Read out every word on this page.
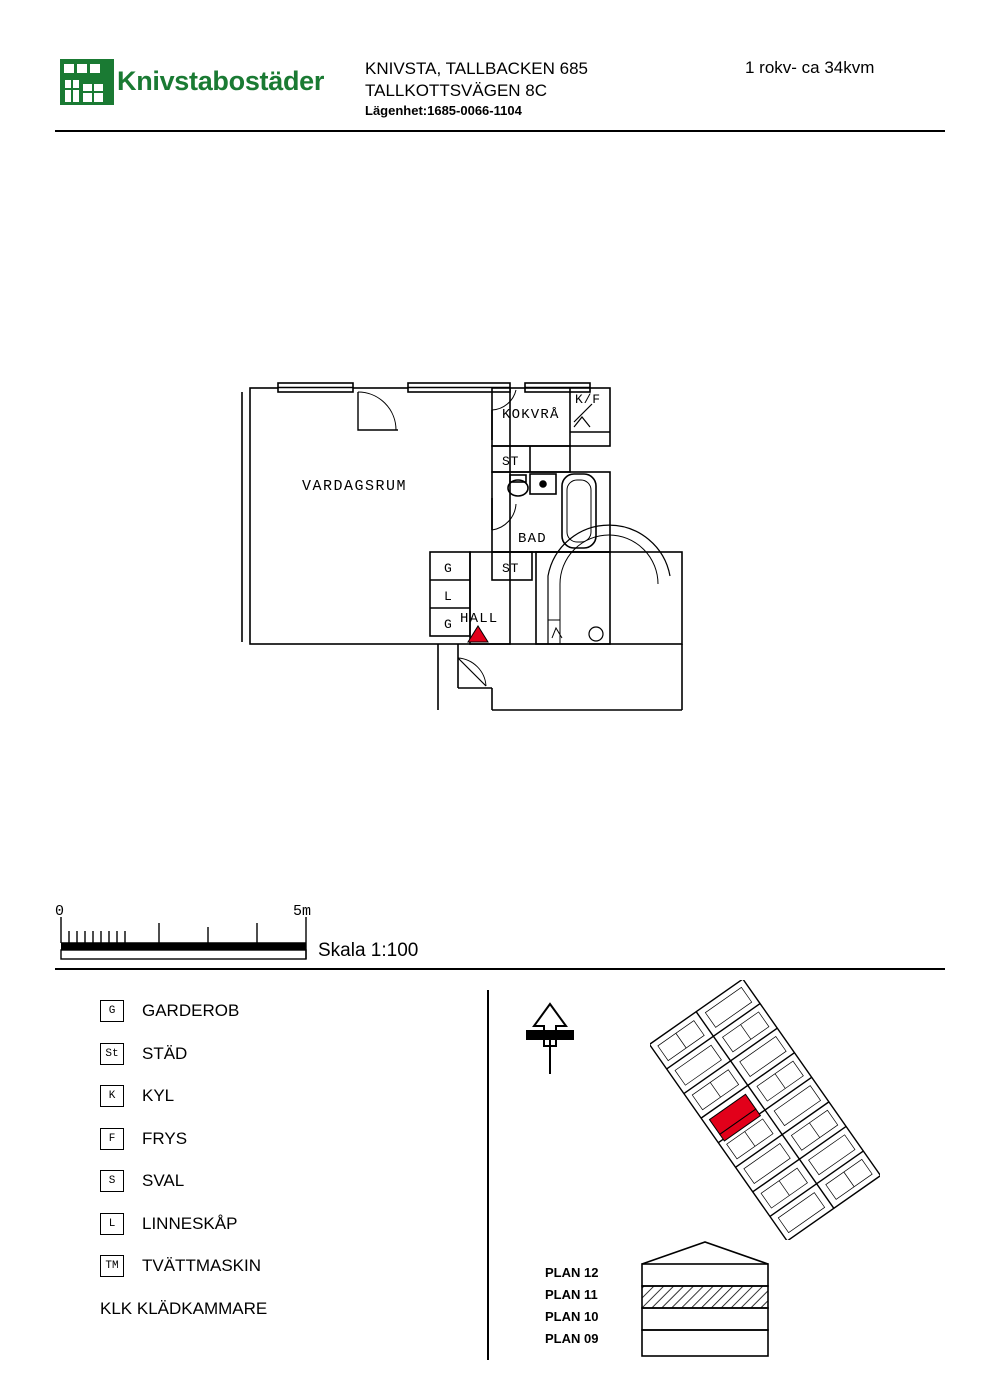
Knivstabostäder KNIVSTA, TALLBACKEN 685
TALLKOTTSVÄGEN 8C
Lägenhet:1685-0066-1104
1 rokv- ca 34kvm
VARDAGSRUM
KOKVRÅ
K/F
ST
BAD
ST
HALL
G
L
G
0	5m
Skala 1:100
G	GARDEROB
St	STÄD
K	KYL
F	FRYS
S	SVAL
L	LINNESKÅP
TM	TVÄTTMASKIN
KLK KLÄDKAMMARE
PLAN 12
PLAN 11
PLAN 10
PLAN 09
